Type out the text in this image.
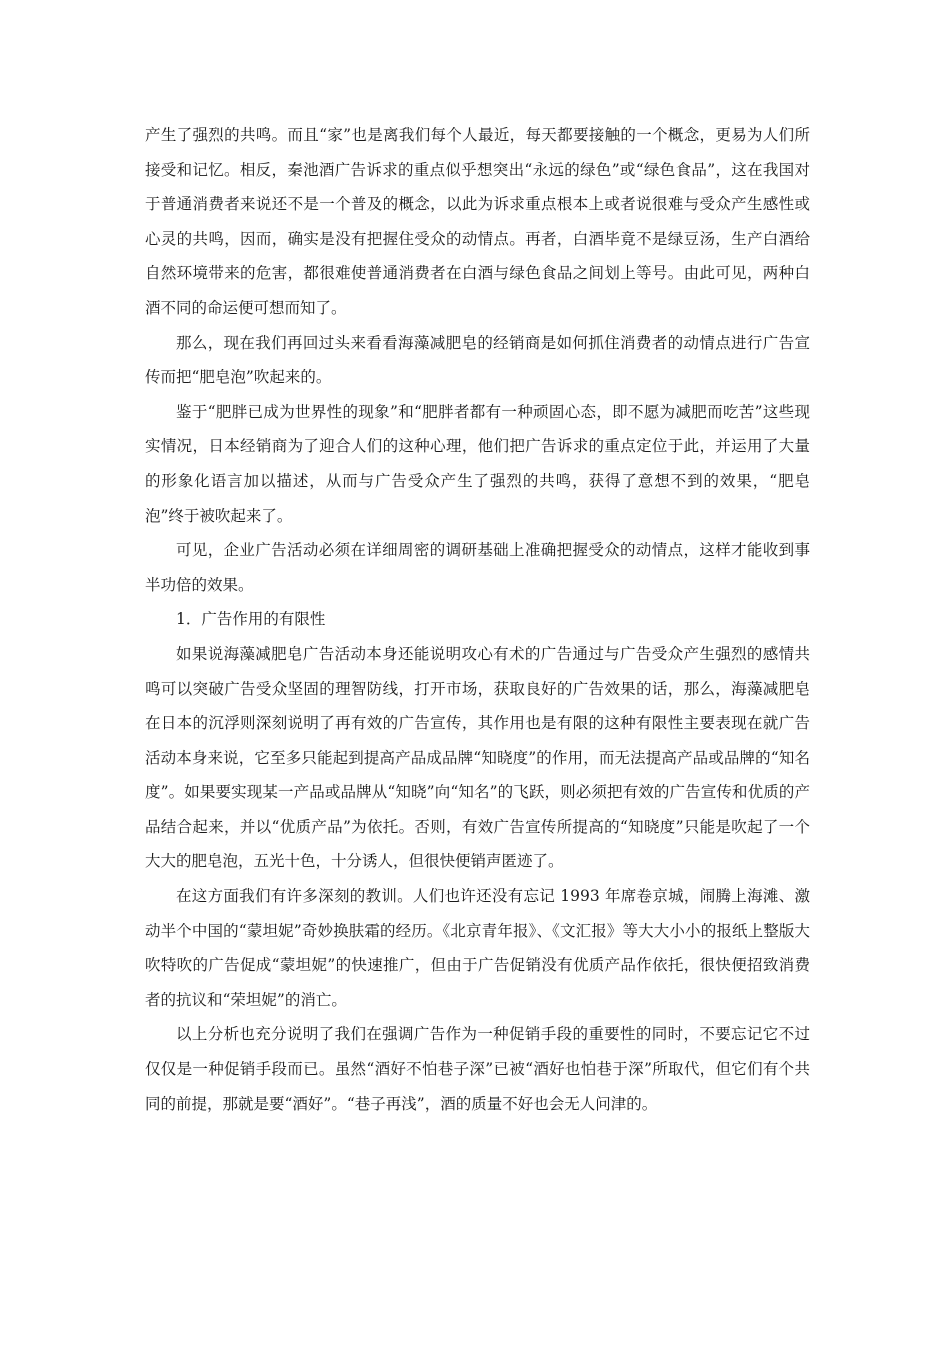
产生了强烈的共鸣。而且“家”也是离我们每个人最近，每天都要接触的一个概念，更易为人们所接受和记忆。相反，秦池酒广告诉求的重点似乎想突出“永远的绿色”或“绿色食品”，这在我国对于普通消费者来说还不是一个普及的概念，以此为诉求重点根本上或者说很难与受众产生感性或心灵的共鸣，因而，确实是没有把握住受众的动情点。再者，白酒毕竟不是绿豆汤，生产白酒给自然环境带来的危害，都很难使普通消费者在白酒与绿色食品之间划上等号。由此可见，两种白酒不同的命运便可想而知了。

那么，现在我们再回过头来看看海藻减肥皂的经销商是如何抓住消费者的动情点进行广告宣传而把“肥皂泡”吹起来的。

鉴于“肥胖已成为世界性的现象”和“肥胖者都有一种顽固心态，即不愿为减肥而吃苦”这些现实情况，日本经销商为了迎合人们的这种心理，他们把广告诉求的重点定位于此，并运用了大量的形象化语言加以描述，从而与广告受众产生了强烈的共鸣，获得了意想不到的效果，“肥皂泡”终于被吹起来了。

可见，企业广告活动必须在详细周密的调研基础上准确把握受众的动情点，这样才能收到事半功倍的效果。

1．广告作用的有限性

如果说海藻减肥皂广告活动本身还能说明攻心有术的广告通过与广告受众产生强烈的感情共鸣可以突破广告受众坚固的理智防线，打开市场，获取良好的广告效果的话，那么，海藻减肥皂在日本的沉浮则深刻说明了再有效的广告宣传，其作用也是有限的这种有限性主要表现在就广告活动本身来说，它至多只能起到提高产品成品牌“知晓度”的作用，而无法提高产品或品牌的“知名度”。如果要实现某一产品或品牌从“知晓”向“知名”的飞跃，则必须把有效的广告宣传和优质的产品结合起来，并以“优质产品”为依托。否则，有效广告宣传所提高的“知晓度”只能是吹起了一个大大的肥皂泡，五光十色，十分诱人，但很快便销声匿迹了。

在这方面我们有许多深刻的教训。人们也许还没有忘记 1993 年席卷京城，闹腾上海滩、激动半个中国的“蒙坦妮”奇妙换肤霜的经历。《北京青年报》、《文汇报》等大大小小的报纸上整版大吹特吹的广告促成“蒙坦妮”的快速推广，但由于广告促销没有优质产品作依托，很快便招致消费者的抗议和“荣坦妮”的消亡。

以上分析也充分说明了我们在强调广告作为一种促销手段的重要性的同时，不要忘记它不过仅仅是一种促销手段而已。虽然“酒好不怕巷子深”已被“酒好也怕巷于深”所取代，但它们有个共同的前提，那就是要“酒好”。“巷子再浅”，酒的质量不好也会无人问津的。
